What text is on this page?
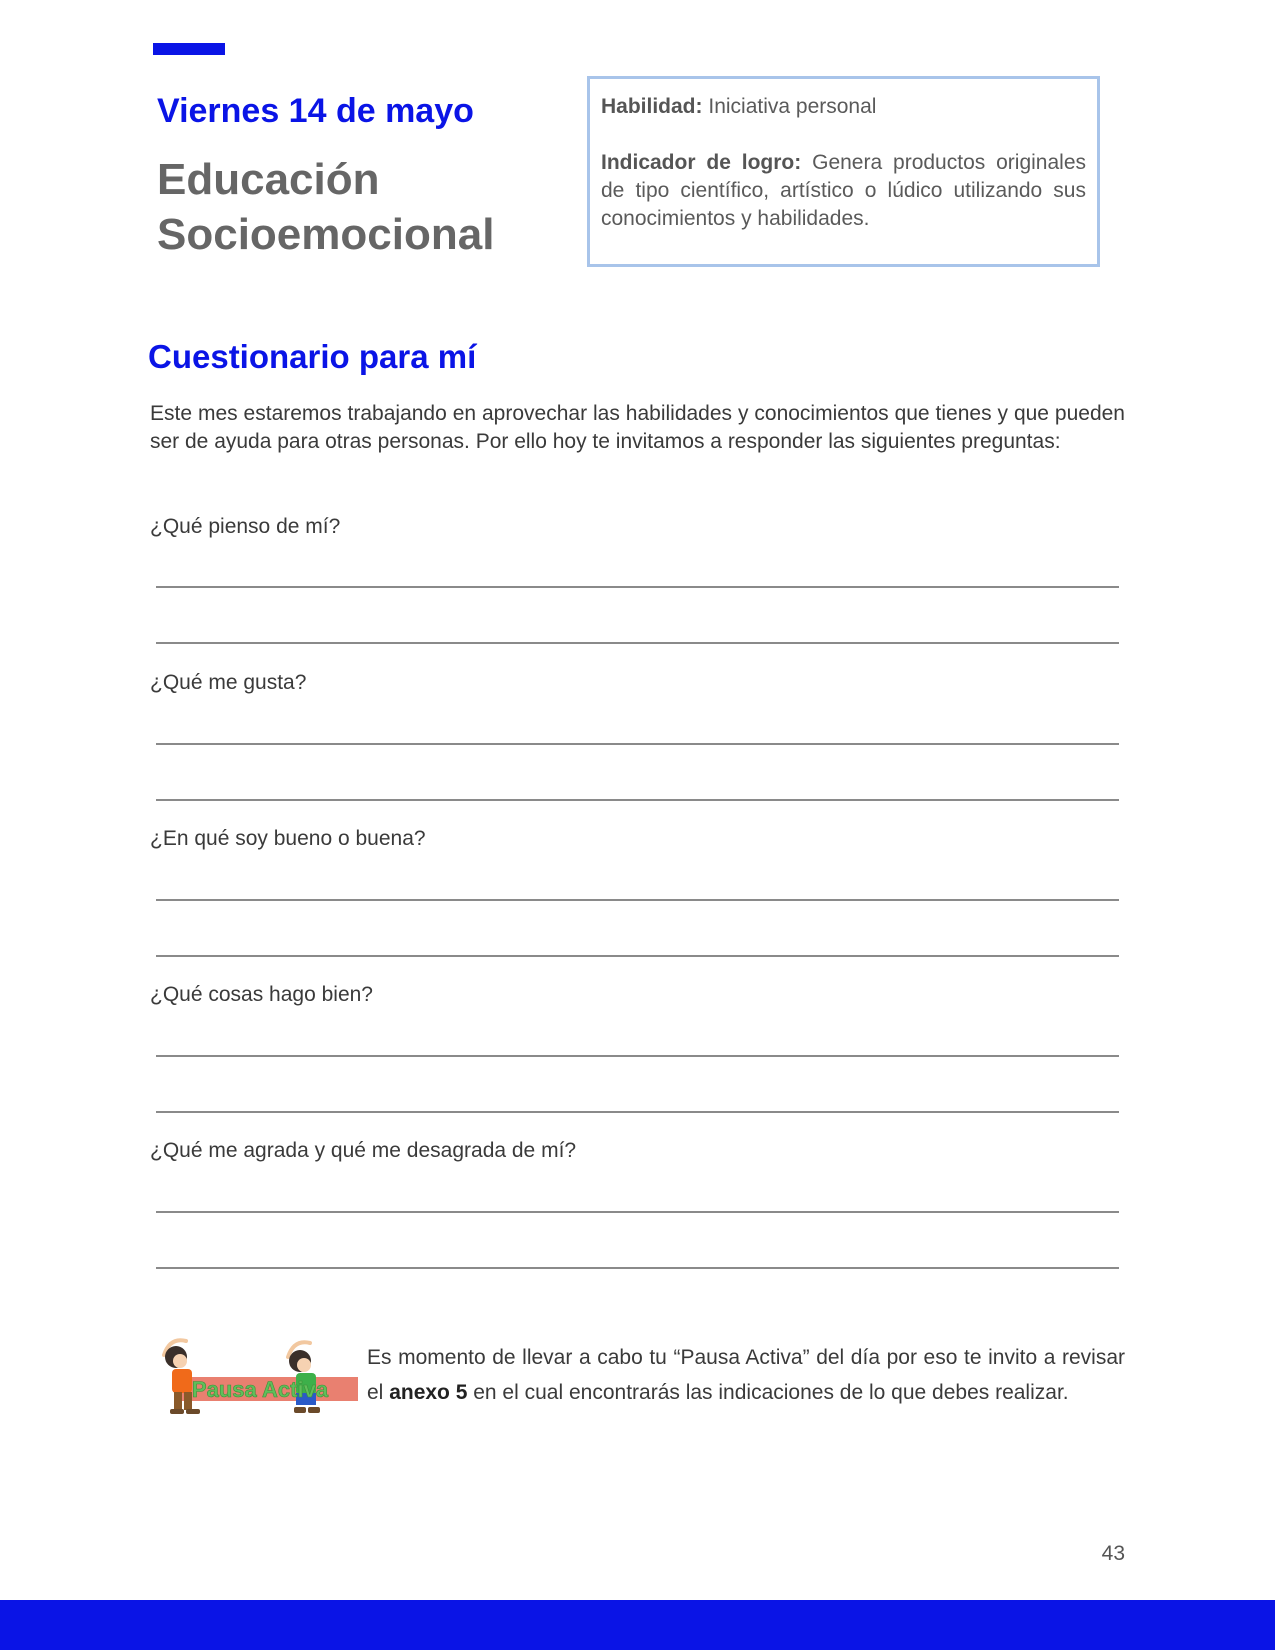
Viernes 14 de mayo
Educación
Socioemocional

Habilidad: Iniciativa personal

Indicador de logro: Genera productos originales de tipo científico, artístico o lúdico utilizando sus conocimientos y habilidades.

Cuestionario para mí

Este mes estaremos trabajando en aprovechar las habilidades y conocimientos que tienes y que pueden ser de ayuda para otras personas. Por ello hoy te invitamos a responder las siguientes preguntas:

¿Qué pienso de mí?

¿Qué me gusta?

¿En qué soy bueno o buena?

¿Qué cosas hago bien?

¿Qué me agrada y qué me desagrada de mí?

Pausa Activa

Es momento de llevar a cabo tu “Pausa Activa” del día por eso te invito a revisar el anexo 5 en el cual encontrarás las indicaciones de lo que debes realizar.

43
